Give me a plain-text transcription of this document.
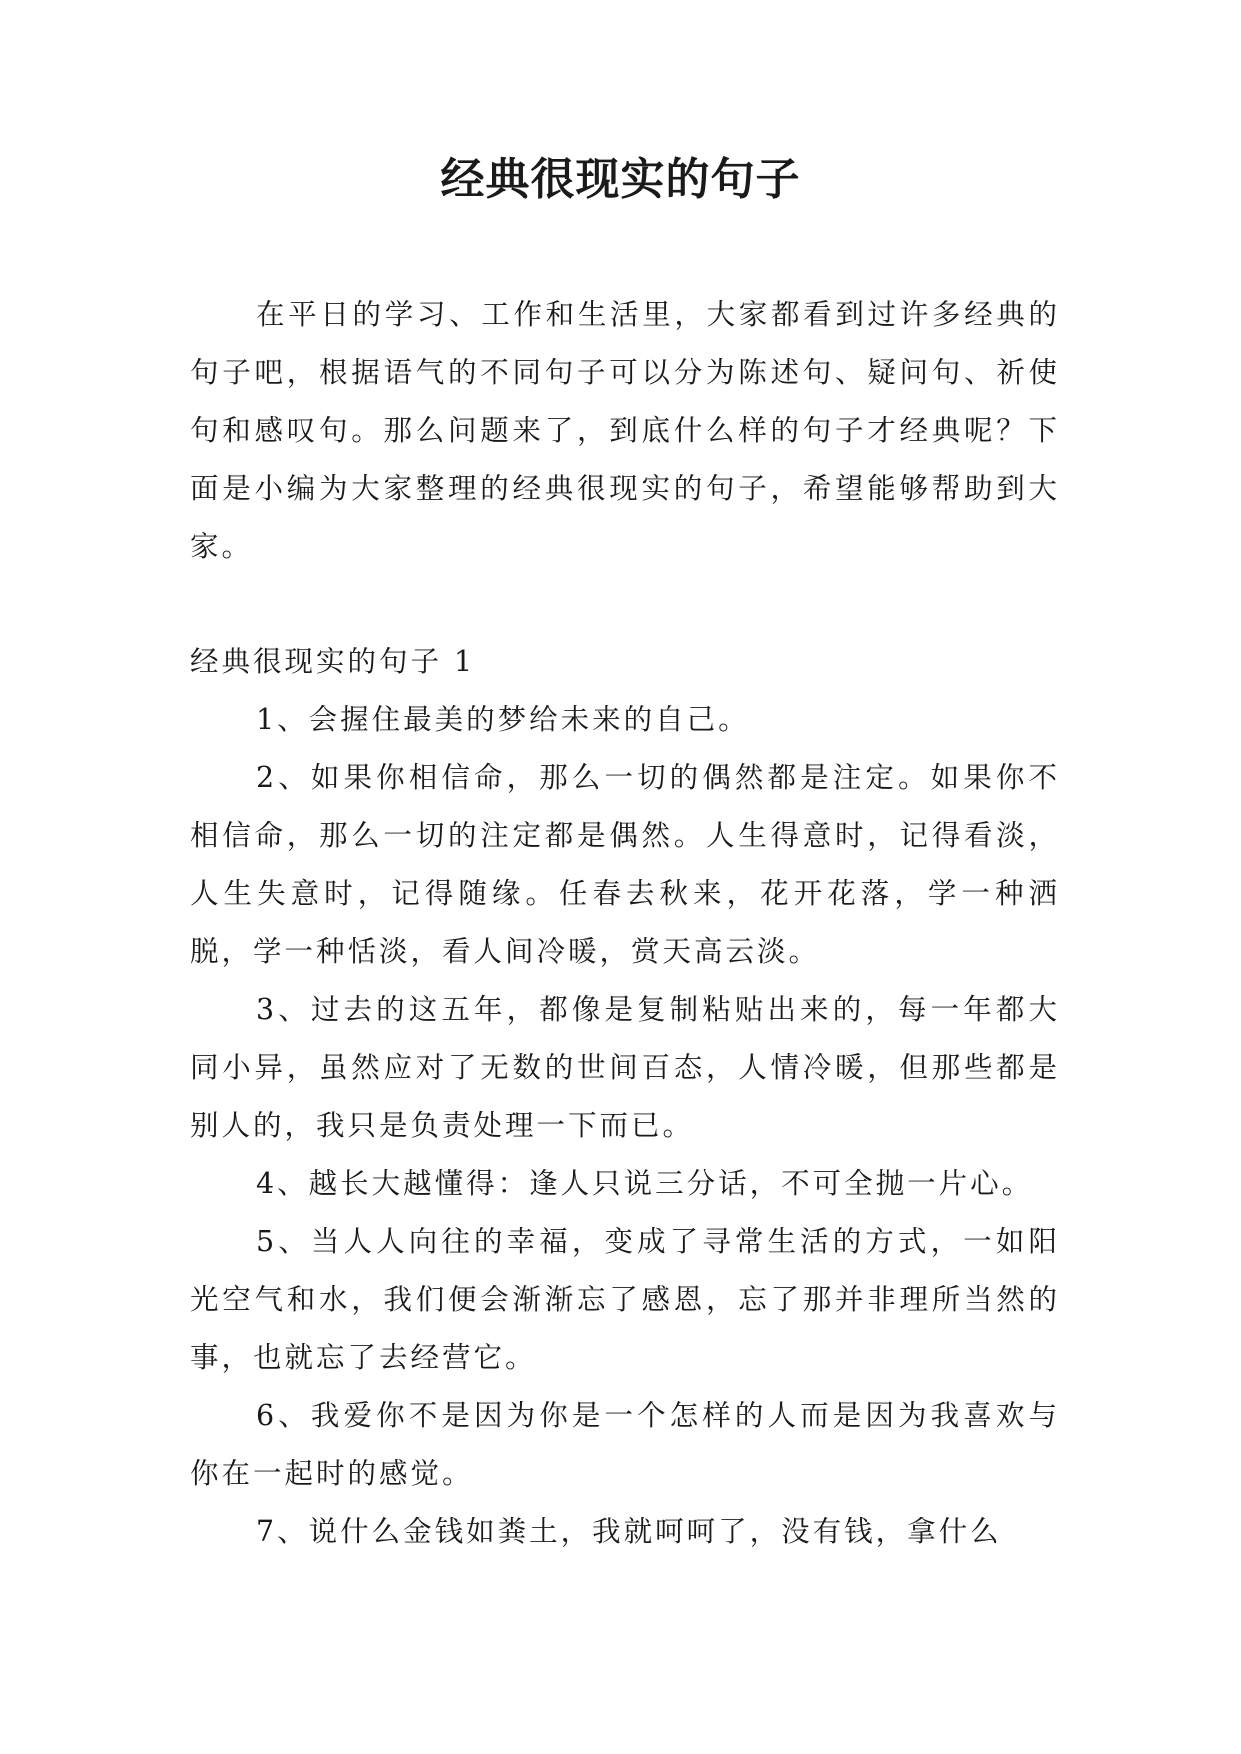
经典很现实的句子

在平日的学习、工作和生活里，大家都看到过许多经典的句子吧，根据语气的不同句子可以分为陈述句、疑问句、祈使句和感叹句。那么问题来了，到底什么样的句子才经典呢？下面是小编为大家整理的经典很现实的句子，希望能够帮助到大家。

经典很现实的句子 1

1、会握住最美的梦给未来的自己。

2、如果你相信命，那么一切的偶然都是注定。如果你不相信命，那么一切的注定都是偶然。人生得意时，记得看淡，人生失意时，记得随缘。任春去秋来，花开花落，学一种洒脱，学一种恬淡，看人间冷暖，赏天高云淡。

3、过去的这五年，都像是复制粘贴出来的，每一年都大同小异，虽然应对了无数的世间百态，人情冷暖，但那些都是别人的，我只是负责处理一下而已。

4、越长大越懂得：逢人只说三分话，不可全抛一片心。

5、当人人向往的幸福，变成了寻常生活的方式，一如阳光空气和水，我们便会渐渐忘了感恩，忘了那并非理所当然的事，也就忘了去经营它。

6、我爱你不是因为你是一个怎样的人而是因为我喜欢与你在一起时的感觉。

7、说什么金钱如粪土，我就呵呵了，没有钱，拿什么
